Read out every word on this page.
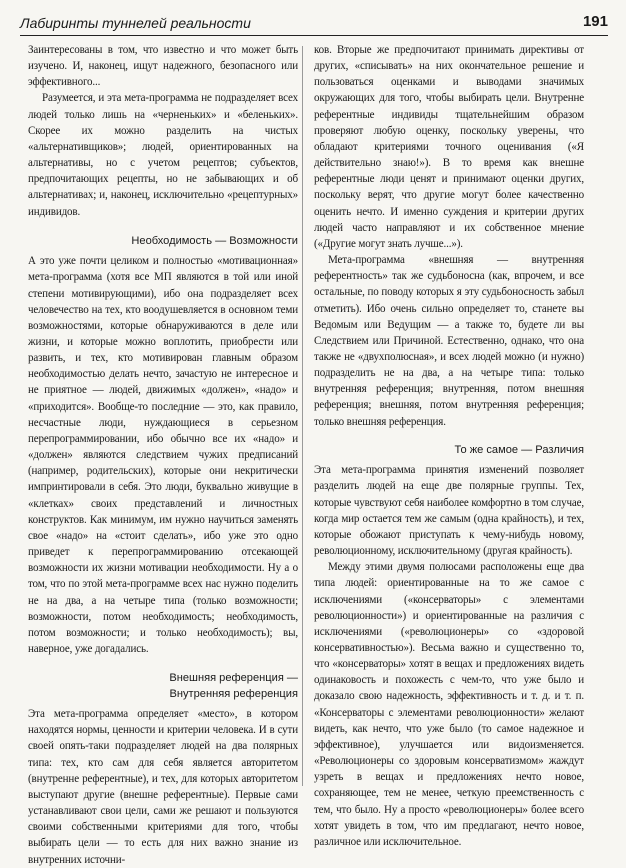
Лабиринты туннелей реальности	191

Заинтересованы в том, что известно и что может быть изучено. И, наконец, ищут надежного, безопасного или эффективного...

Разумеется, и эта мета-программа не подразделяет всех людей только лишь на «черненьких» и «беленьких». Скорее их можно разделить на чистых «альтернативщиков»; людей, ориентированных на альтернативы, но с учетом рецептов; субъектов, предпочитающих рецепты, но не забывающих и об альтернативах; и, наконец, исключительно «рецептурных» индивидов.

Необходимость — Возможности

А это уже почти целиком и полностью «мотивационная» мета-программа (хотя все МП являются в той или иной степени мотивирующими), ибо она подразделяет всех человечество на тех, кто воодушевляется в основном теми возможностями, которые обнаруживаются в деле или жизни, и которые можно воплотить, приобрести или развить, и тех, кто мотивирован главным образом необходимостью делать нечто, зачастую не интересное и не приятное — людей, движимых «должен», «надо» и «приходится». Вообще-то последние — это, как правило, несчастные люди, нуждающиеся в серьезном перепрограммировании, ибо обычно все их «надо» и «должен» являются следствием чужих предписаний (например, родительских), которые они некритически импринтировали в себя. Это люди, буквально живущие в «клетках» своих представлений и личностных конструктов. Как минимум, им нужно научиться заменять свое «надо» на «стоит сделать», ибо уже это одно приведет к перепрограммированию отсекающей возможности их жизни мотивации необходимости. Ну а о том, что по этой мета-программе всех нас нужно поделить не на два, а на четыре типа (только возможности; возможности, потом необходимость; необходимость, потом возможности; и только необходимость); вы, наверное, уже догадались.

Внешняя референция —
Внутренняя референция

Эта мета-программа определяет «место», в котором находятся нормы, ценности и критерии человека. И в сути своей опять-таки подразделяет людей на два полярных типа: тех, кто сам для себя является авторитетом (внутренне референтные), и тех, для которых авторитетом выступают другие (внешне референтные). Первые сами устанавливают свои цели, сами же решают и пользуются своими собственными критериями для того, чтобы выбирать цели — то есть для них важно знание из внутренних источни-

ков. Вторые же предпочитают принимать директивы от других, «списывать» на них окончательное решение и пользоваться оценками и выводами значимых окружающих для того, чтобы выбирать цели. Внутренне референтные индивиды тщательнейшим образом проверяют любую оценку, поскольку уверены, что обладают критериями точного оценивания («Я действительно знаю!»). В то время как внешне референтные люди ценят и принимают оценки других, поскольку верят, что другие могут более качественно оценить нечто. И именно суждения и критерии других людей часто направляют и их собственное мнение («Другие могут знать лучше...»).

Мета-программа «внешняя — внутренняя референтность» так же судьбоносна (как, впрочем, и все остальные, по поводу которых я эту судьбоносность забыл отметить). Ибо очень сильно определяет то, станете вы Ведомым или Ведущим — а также то, будете ли вы Следствием или Причиной. Естественно, однако, что она также не «двухполюсная», и всех людей можно (и нужно) подразделить не на два, а на четыре типа: только внутренняя референция; внутренняя, потом внешняя референция; внешняя, потом внутренняя референция; только внешняя референция.

То же самое — Различия

Эта мета-программа принятия изменений позволяет разделить людей на еще две полярные группы. Тех, которые чувствуют себя наиболее комфортно в том случае, когда мир остается тем же самым (одна крайность), и тех, которые обожают приступать к чему-нибудь новому, революционному, исключительному (другая крайность).

Между этими двумя полюсами расположены еще два типа людей: ориентированные на то же самое с исключениями («консерваторы» с элементами революционности») и ориентированные на различия с исключениями («революционеры» со «здоровой консервативностью»). Весьма важно и существенно то, что «консерваторы» хотят в вещах и предложениях видеть одинаковость и похожесть с чем-то, что уже было и доказало свою надежность, эффективность и т. д. и т. п. «Консерваторы с элементами революционности» желают видеть, как нечто, что уже было (то самое надежное и эффективное), улучшается или видоизменяется. «Революционеры со здоровым консерватизмом» жаждут узреть в вещах и предложениях нечто новое, сохраняющее, тем не менее, четкую преемственность с тем, что было. Ну а просто «революционеры» более всего хотят увидеть в том, что им предлагают, нечто новое, различное или исключительное.
